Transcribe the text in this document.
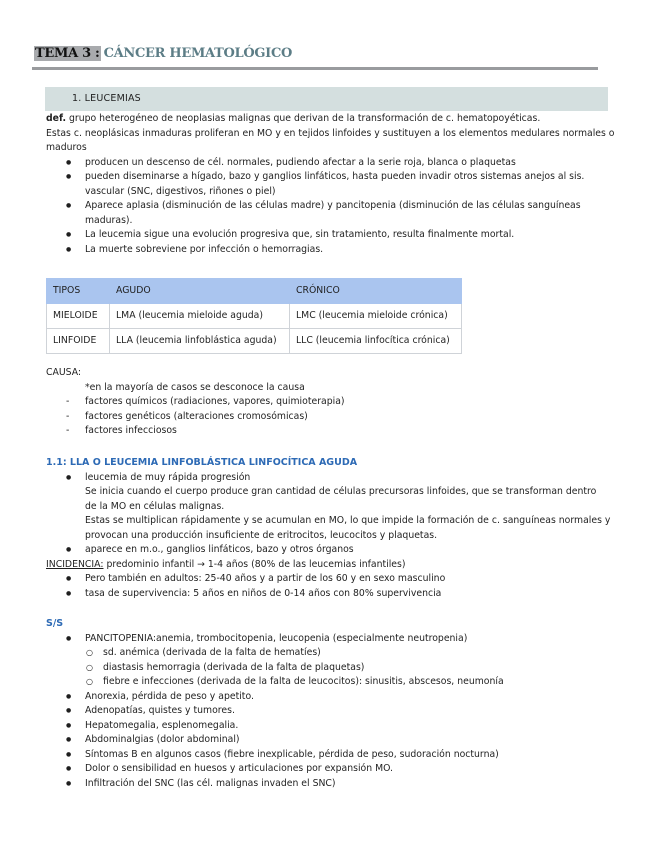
TEMA 3 : CÁNCER HEMATOLÓGICO
1. LEUCEMIAS
def. grupo heterogéneo de neoplasias malignas que derivan de la transformación de c. hematopoyéticas.
Estas c. neoplásicas inmaduras proliferan en MO y en tejidos linfoides y sustituyen a los elementos medulares normales o
maduros
● producen un descenso de cél. normales, pudiendo afectar a la serie roja, blanca o plaquetas
● pueden diseminarse a hígado, bazo y ganglios linfáticos, hasta pueden invadir otros sistemas anejos al sis.
vascular (SNC, digestivos, riñones o piel)
● Aparece aplasia (disminución de las células madre) y pancitopenia (disminución de las células sanguíneas
maduras).
● La leucemia sigue una evolución progresiva que, sin tratamiento, resulta finalmente mortal.
● La muerte sobreviene por infección o hemorragias.
TIPOS	AGUDO	CRÓNICO
MIELOIDE	LMA (leucemia mieloide aguda)	LMC (leucemia mieloide crónica)
LINFOIDE	LLA (leucemia linfoblástica aguda)	LLC (leucemia linfocítica crónica)
CAUSA:
*en la mayoría de casos se desconoce la causa
- factores químicos (radiaciones, vapores, quimioterapia)
- factores genéticos (alteraciones cromosómicas)
- factores infecciosos
1.1: LLA O LEUCEMIA LINFOBLÁSTICA LINFOCÍTICA AGUDA
● leucemia de muy rápida progresión
Se inicia cuando el cuerpo produce gran cantidad de células precursoras linfoides, que se transforman dentro
de la MO en células malignas.
Estas se multiplican rápidamente y se acumulan en MO, lo que impide la formación de c. sanguíneas normales y
provocan una producción insuficiente de eritrocitos, leucocitos y plaquetas.
● aparece en m.o., ganglios linfáticos, bazo y otros órganos
INCIDENCIA: predominio infantil → 1-4 años (80% de las leucemias infantiles)
● Pero también en adultos: 25-40 años y a partir de los 60 y en sexo masculino
● tasa de supervivencia: 5 años en niños de 0-14 años con 80% supervivencia
S/S
● PANCITOPENIA:anemia, trombocitopenia, leucopenia (especialmente neutropenia)
○ sd. anémica (derivada de la falta de hematíes)
○ diastasis hemorragia (derivada de la falta de plaquetas)
○ fiebre e infecciones (derivada de la falta de leucocitos): sinusitis, abscesos, neumonía
● Anorexia, pérdida de peso y apetito.
● Adenopatías, quistes y tumores.
● Hepatomegalia, esplenomegalia.
● Abdominalgias (dolor abdominal)
● Síntomas B en algunos casos (fiebre inexplicable, pérdida de peso, sudoración nocturna)
● Dolor o sensibilidad en huesos y articulaciones por expansión MO.
● Infiltración del SNC (las cél. malignas invaden el SNC)
